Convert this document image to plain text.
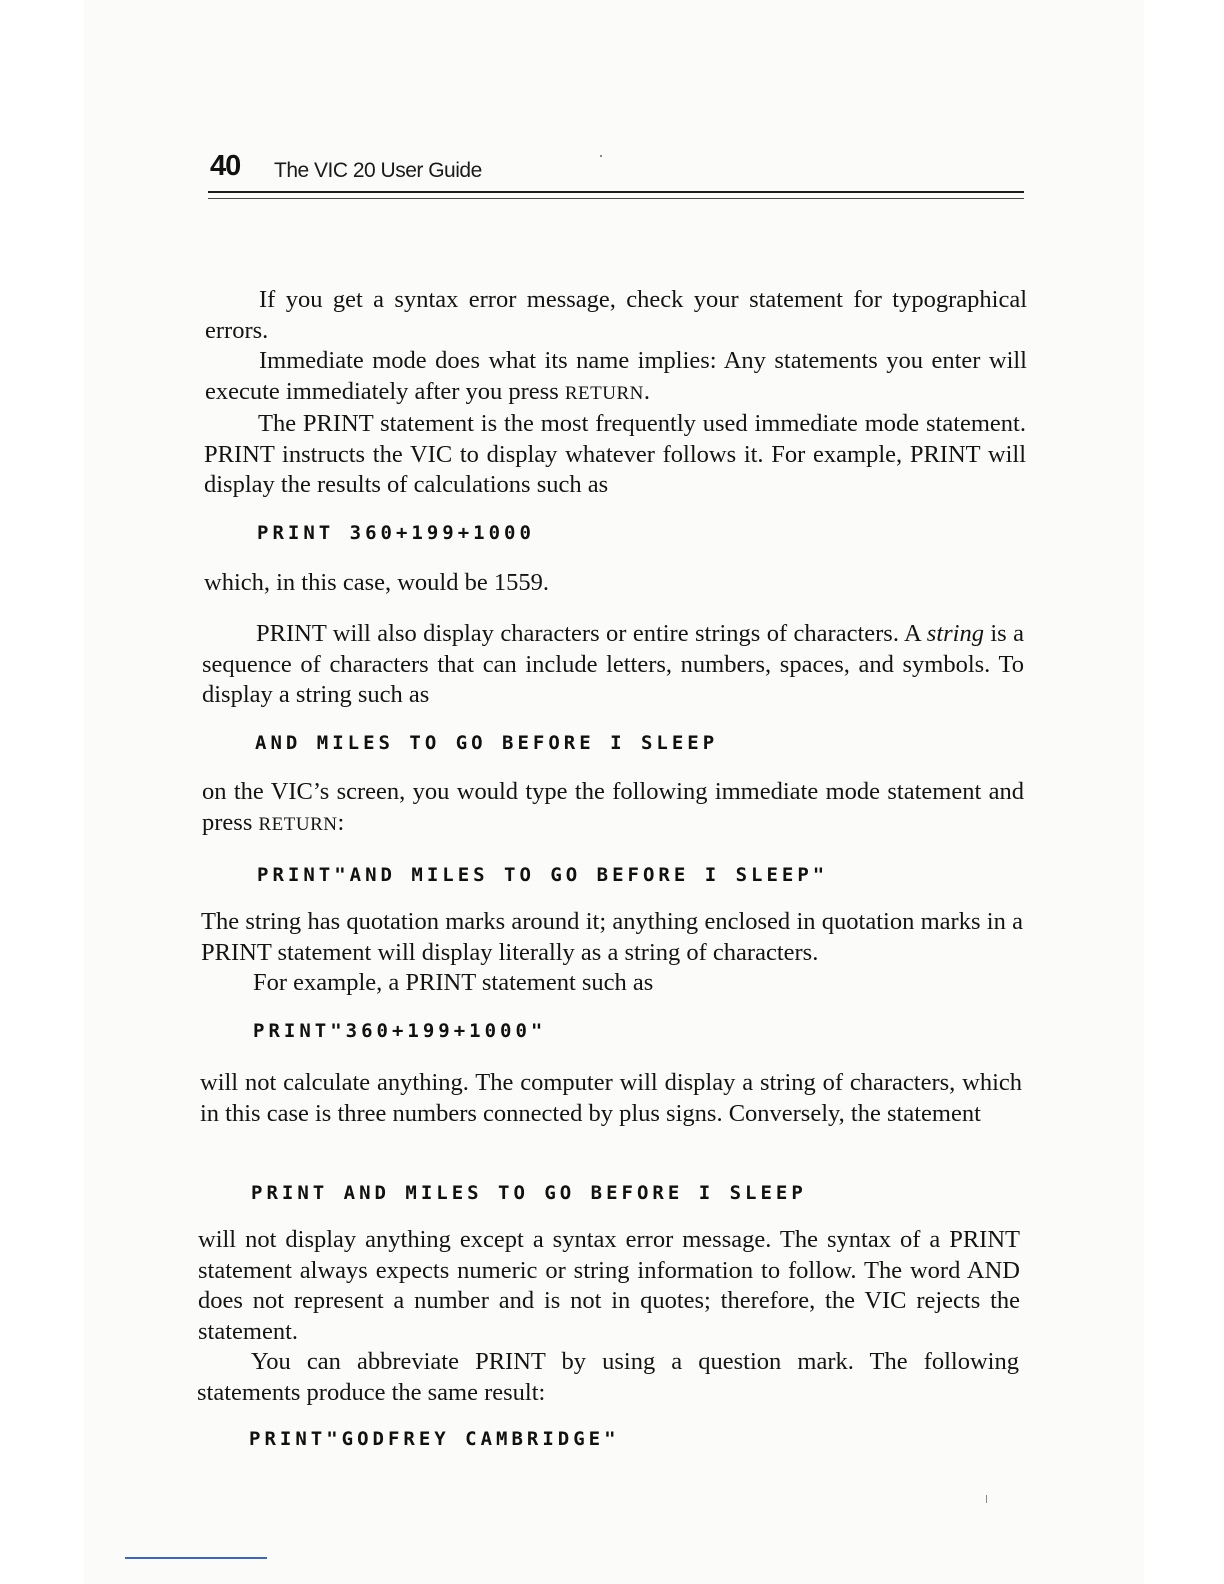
40 The VIC 20 User Guide

If you get a syntax error message, check your statement for typographical errors.

Immediate mode does what its name implies: Any statements you enter will execute immediately after you press RETURN.

The PRINT statement is the most frequently used immediate mode statement. PRINT instructs the VIC to display whatever follows it. For example, PRINT will display the results of calculations such as

PRINT 360+199+1000

which, in this case, would be 1559.

PRINT will also display characters or entire strings of characters. A string is a sequence of characters that can include letters, numbers, spaces, and symbols. To display a string such as

AND MILES TO GO BEFORE I SLEEP

on the VIC’s screen, you would type the following immediate mode statement and press RETURN:

PRINT"AND MILES TO GO BEFORE I SLEEP"

The string has quotation marks around it; anything enclosed in quotation marks in a PRINT statement will display literally as a string of characters.

For example, a PRINT statement such as

PRINT"360+199+1000"

will not calculate anything. The computer will display a string of characters, which in this case is three numbers connected by plus signs. Conversely, the statement

PRINT AND MILES TO GO BEFORE I SLEEP

will not display anything except a syntax error message. The syntax of a PRINT statement always expects numeric or string information to follow. The word AND does not represent a number and is not in quotes; therefore, the VIC rejects the statement.

You can abbreviate PRINT by using a question mark. The following statements produce the same result:

PRINT"GODFREY CAMBRIDGE"
